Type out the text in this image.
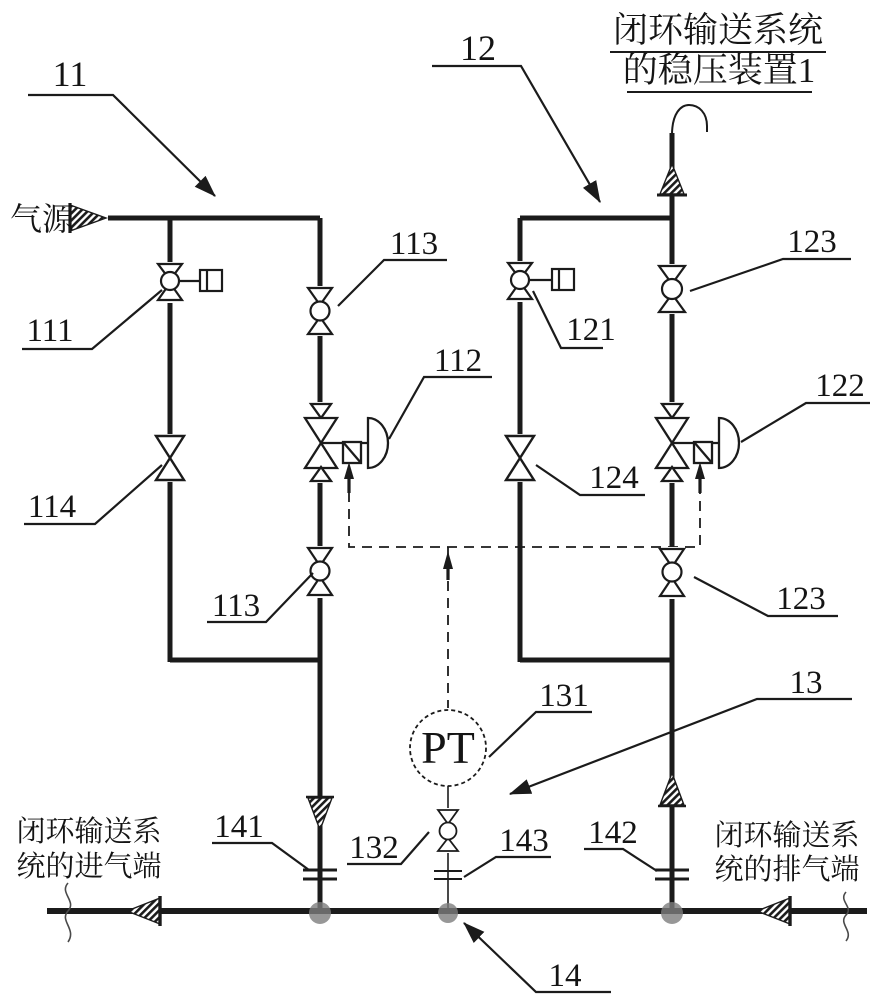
PT
闭环输送系统
的稳压装置1
气源
闭环输送系
统的进气端
闭环输送系
统的排气端
11
12
113
112
111	121
123
122
114
124
113	123
131	13
141
132	143 142
14
